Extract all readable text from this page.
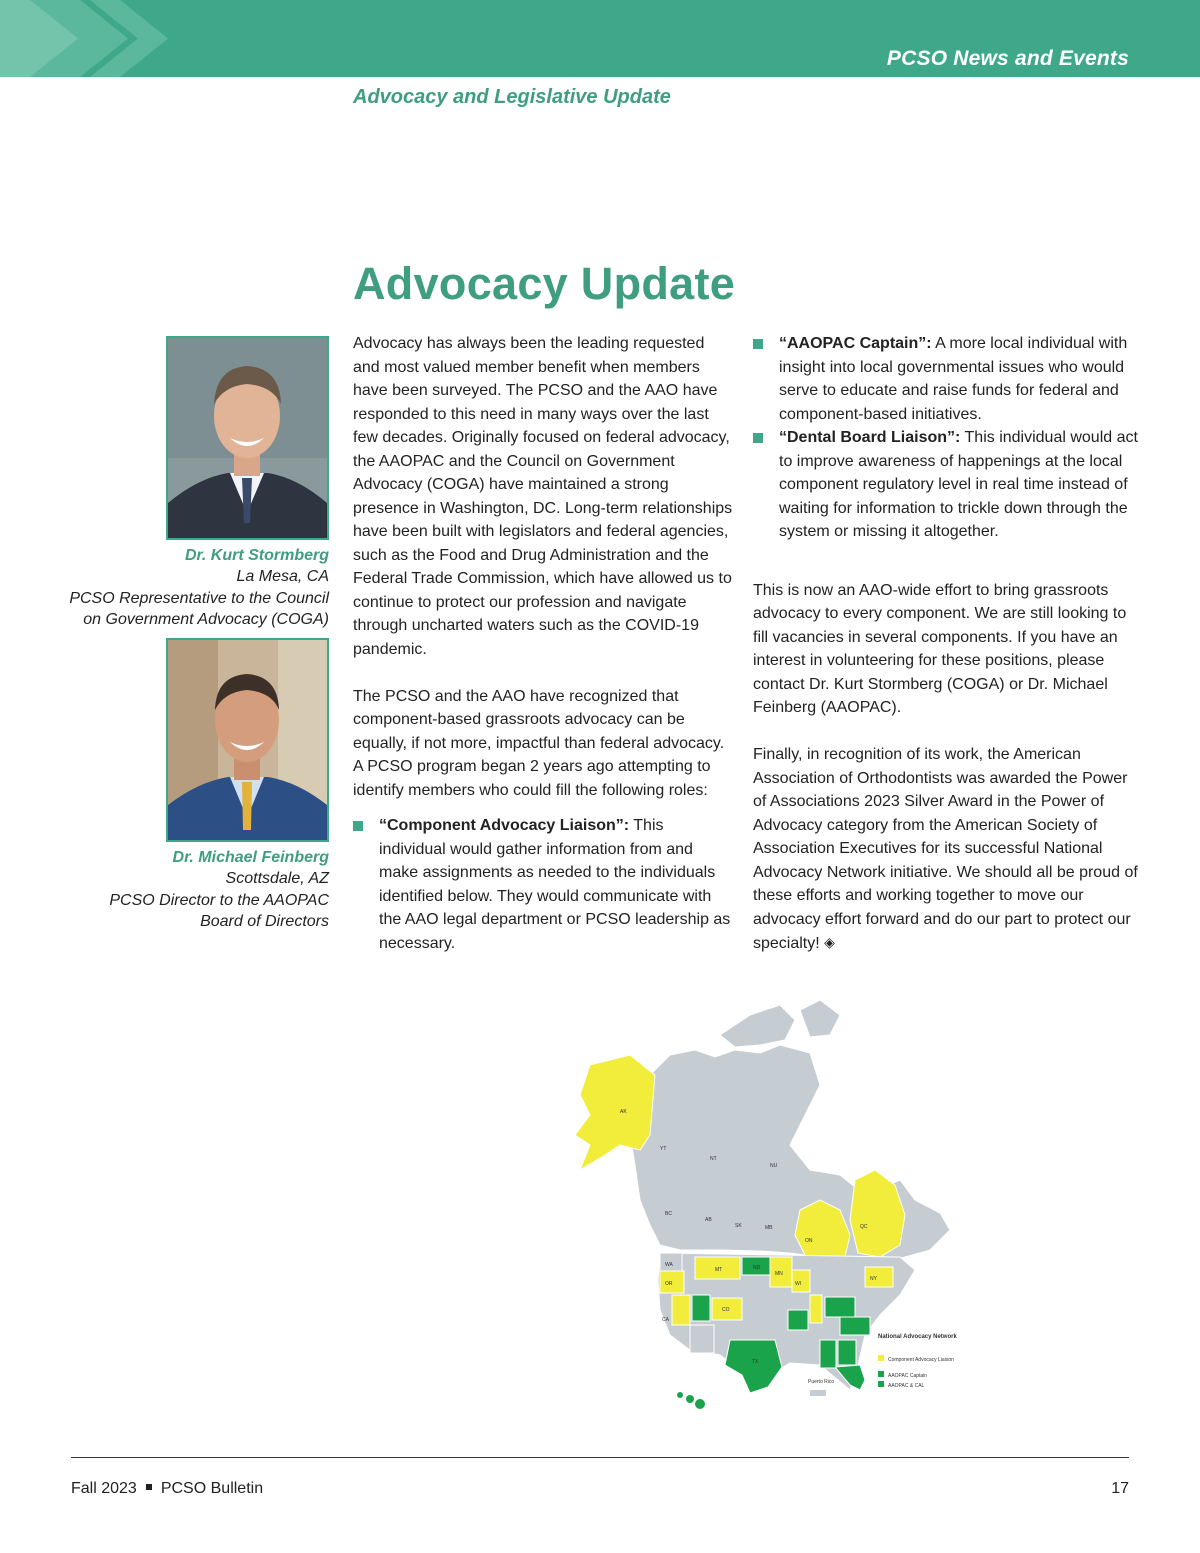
PCSO News and Events
Advocacy and Legislative Update
Advocacy Update
Dr. Kurt Stormberg
La Mesa, CA
PCSO Representative to the Council
on Government Advocacy (COGA)
Dr. Michael Feinberg
Scottsdale, AZ
PCSO Director to the AAOPAC
Board of Directors

Advocacy has always been the leading requested and most valued member benefit when members have been surveyed. The PCSO and the AAO have responded to this need in many ways over the last few decades. Originally focused on federal advocacy, the AAOPAC and the Council on Government Advocacy (COGA) have maintained a strong presence in Washington, DC. Long-term relationships have been built with legislators and federal agencies, such as the Food and Drug Administration and the Federal Trade Commission, which have allowed us to continue to protect our profession and navigate through uncharted waters such as the COVID-19 pandemic.

The PCSO and the AAO have recognized that component-based grassroots advocacy can be equally, if not more, impactful than federal advocacy. A PCSO program began 2 years ago attempting to identify members who could fill the following roles:

“Component Advocacy Liaison”: This individual would gather information from and make assignments as needed to the individuals identified below. They would communicate with the AAO legal department or PCSO leadership as necessary.
“AAOPAC Captain”: A more local individual with insight into local governmental issues who would serve to educate and raise funds for federal and component-based initiatives.
“Dental Board Liaison”: This individual would act to improve awareness of happenings at the local component regulatory level in real time instead of waiting for information to trickle down through the system or missing it altogether.

This is now an AAO-wide effort to bring grassroots advocacy to every component. We are still looking to fill vacancies in several components. If you have an interest in volunteering for these positions, please contact Dr. Kurt Stormberg (COGA) or Dr. Michael Feinberg (AAOPAC).

Finally, in recognition of its work, the American Association of Orthodontists was awarded the Power of Associations 2023 Silver Award in the Power of Advocacy category from the American Society of Association Executives for its successful National Advocacy Network initiative. We should all be proud of these efforts and working together to move our advocacy effort forward and do our part to protect our specialty! ◈

AK
YT
NT
NU
BC
AB
SK	MB
ON
QC
WA
OR
CA
MT	ND
MN
WI
NY
TX
CO
Puerto Rico
National Advocacy Network
Component Advocacy Liaison
AAOPAC Captain
AAOPAC & CAL
Fall 2023 PCSO Bulletin	17
